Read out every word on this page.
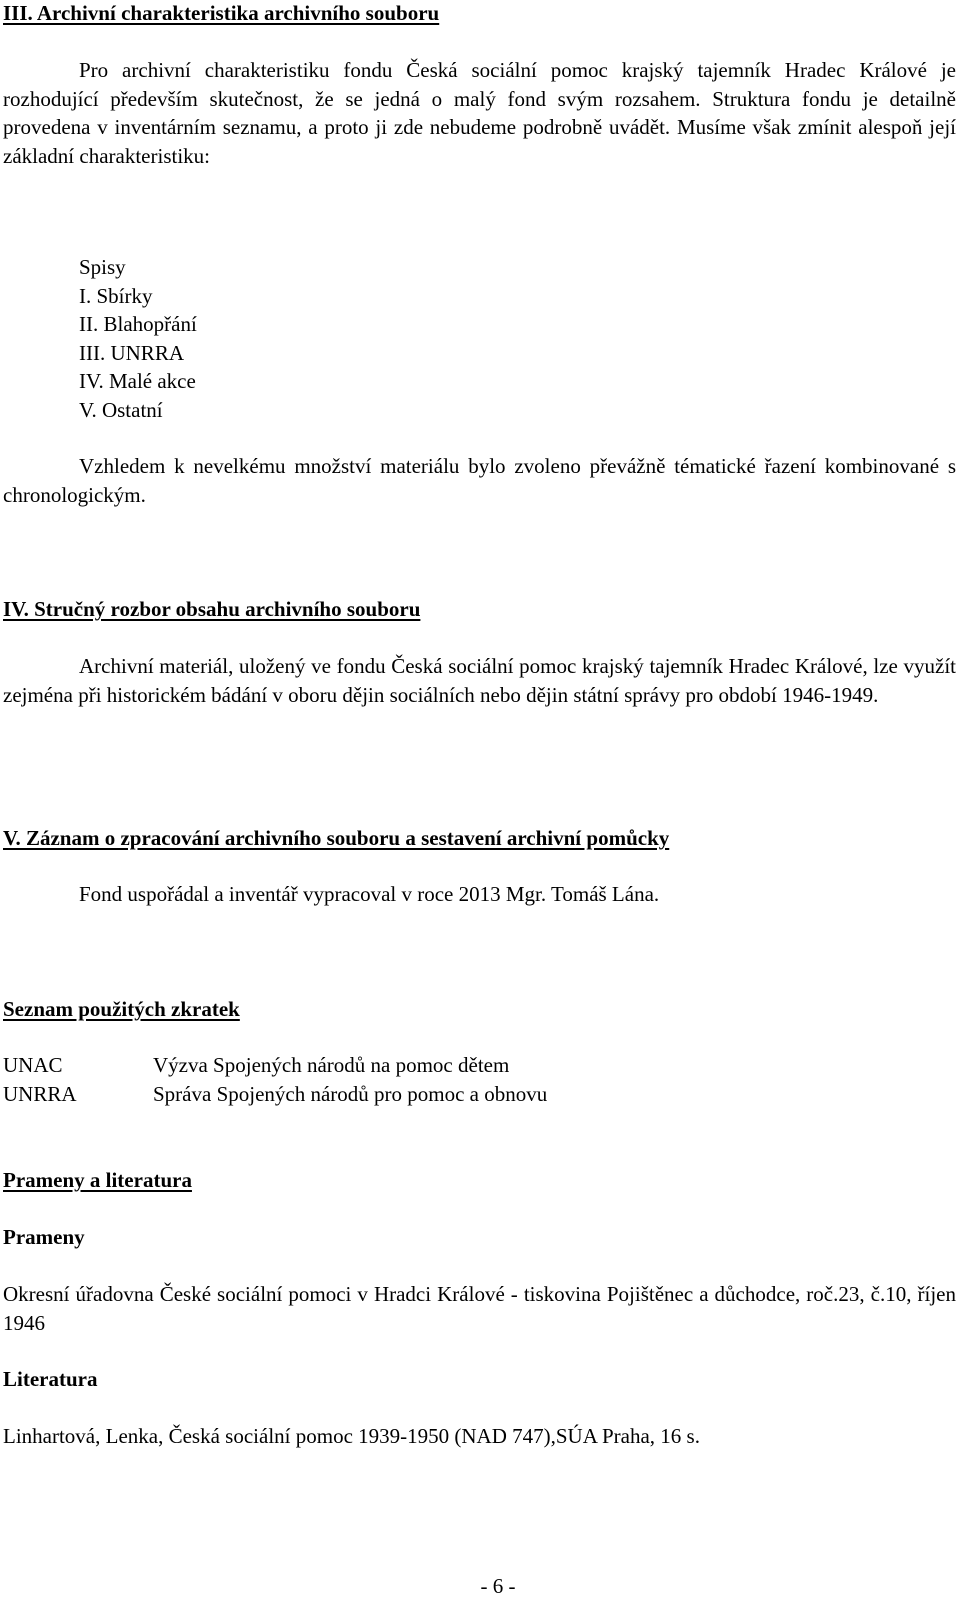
III. Archivní charakteristika archivního souboru

Pro archivní charakteristiku fondu Česká sociální pomoc krajský tajemník Hradec Králové je rozhodující především skutečnost, že se jedná o malý fond svým rozsahem. Struktura fondu je detailně provedena v inventárním seznamu, a proto ji zde nebudeme podrobně uvádět. Musíme však zmínit alespoň její základní charakteristiku:

Spisy
I. Sbírky
II. Blahopřání
III. UNRRA
IV. Malé akce
V. Ostatní

Vzhledem k nevelkému množství materiálu bylo zvoleno převážně tématické řazení kombinované s chronologickým.

IV. Stručný rozbor obsahu archivního souboru

Archivní materiál, uložený ve fondu Česká sociální pomoc krajský tajemník Hradec Králové, lze využít zejména při historickém bádání v oboru dějin sociálních nebo dějin státní správy pro období 1946-1949.

V. Záznam o zpracování archivního souboru a sestavení archivní pomůcky
Fond uspořádal a inventář vypracoval v roce 2013 Mgr. Tomáš Lána.
Seznam použitých zkratek
UNAC	Výzva Spojených národů na pomoc dětem
UNRRA	Správa Spojených národů pro pomoc a obnovu
Prameny a literatura
Prameny

Okresní úřadovna České sociální pomoci v Hradci Králové - tiskovina Pojištěnec a důchodce, roč.23, č.10, říjen 1946

Literatura
Linhartová, Lenka, Česká sociální pomoc 1939-1950 (NAD 747),SÚA Praha, 16 s.
- 6 -
